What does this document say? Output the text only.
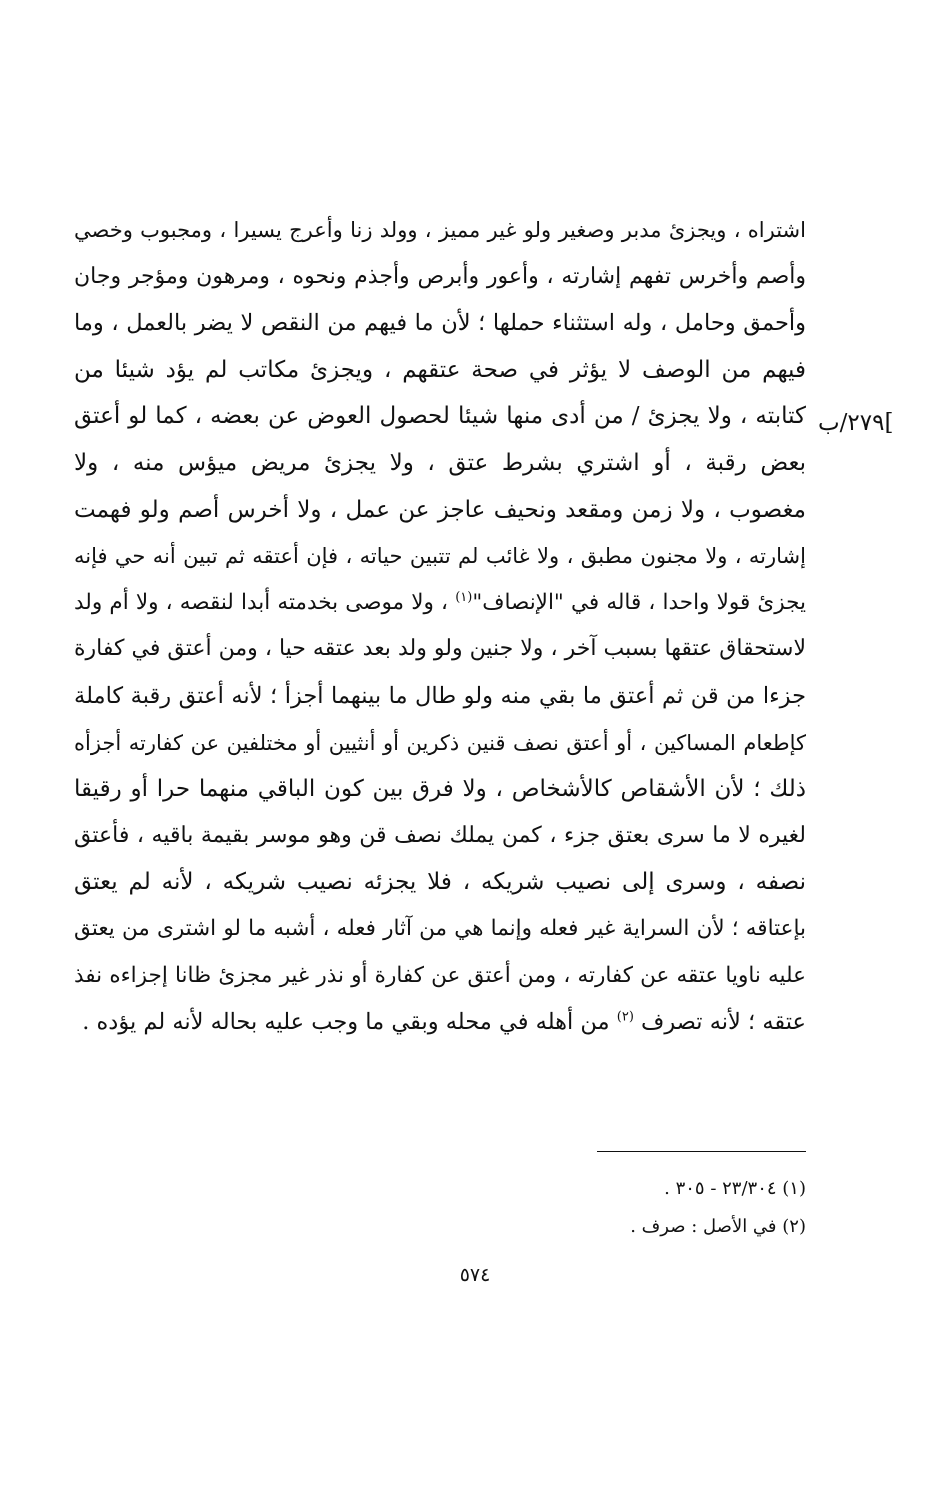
اشتراه ، ويجزئ مدبر وصغير ولو غير مميز ، وولد زنا وأعرج يسيرا ، ومجبوب وخصي
وأصم وأخرس تفهم إشارته ، وأعور وأبرص وأجذم ونحوه ، ومرهون ومؤجر وجان
وأحمق وحامل ، وله استثناء حملها ؛ لأن ما فيهم من النقص لا يضر بالعمل ، وما
فيهم من الوصف لا يؤثر في صحة عتقهم ، ويجزئ مكاتب لم يؤد شيئا من
كتابته ، ولا يجزئ / من أدى منها شيئا لحصول العوض عن بعضه ، كما لو أعتق
بعض رقبة ، أو اشتري بشرط عتق ، ولا يجزئ مريض ميؤس منه ، ولا
مغصوب ، ولا زمن ومقعد ونحيف عاجز عن عمل ، ولا أخرس أصم ولو فهمت
إشارته ، ولا مجنون مطبق ، ولا غائب لم تتبين حياته ، فإن أعتقه ثم تبين أنه حي فإنه
يجزئ قولا واحدا ، قاله في "الإنصاف"$^{(١)}$ ، ولا موصى بخدمته أبدا لنقصه ، ولا أم ولد
لاستحقاق عتقها بسبب آخر ، ولا جنين ولو ولد بعد عتقه حيا ، ومن أعتق في كفارة
جزءا من قن ثم أعتق ما بقي منه ولو طال ما بينهما أجزأ ؛ لأنه أعتق رقبة كاملة
كإطعام المساكين ، أو أعتق نصف قنين ذكرين أو أنثيين أو مختلفين عن كفارته أجزأه
ذلك ؛ لأن الأشقاص كالأشخاص ، ولا فرق بين كون الباقي منهما حرا أو رقيقا
لغيره لا ما سرى بعتق جزء ، كمن يملك نصف قن وهو موسر بقيمة باقيه ، فأعتق
نصفه ، وسرى إلى نصيب شريكه ، فلا يجزئه نصيب شريكه ، لأنه لم يعتق
بإعتاقه ؛ لأن السراية غير فعله وإنما هي من آثار فعله ، أشبه ما لو اشترى من يعتق
عليه ناويا عتقه عن كفارته ، ومن أعتق عن كفارة أو نذر غير مجزئ ظانا إجزاءه نفذ
عتقه ؛ لأنه تصرف $^{(٢)}$ من أهله في محله وبقي ما وجب عليه بحاله لأنه لم يؤده .
٢٧٩/ب[
(١) ٢٣/٣٠٤ - ٣٠٥ .
(٢) في الأصل : صرف .
٥٧٤
